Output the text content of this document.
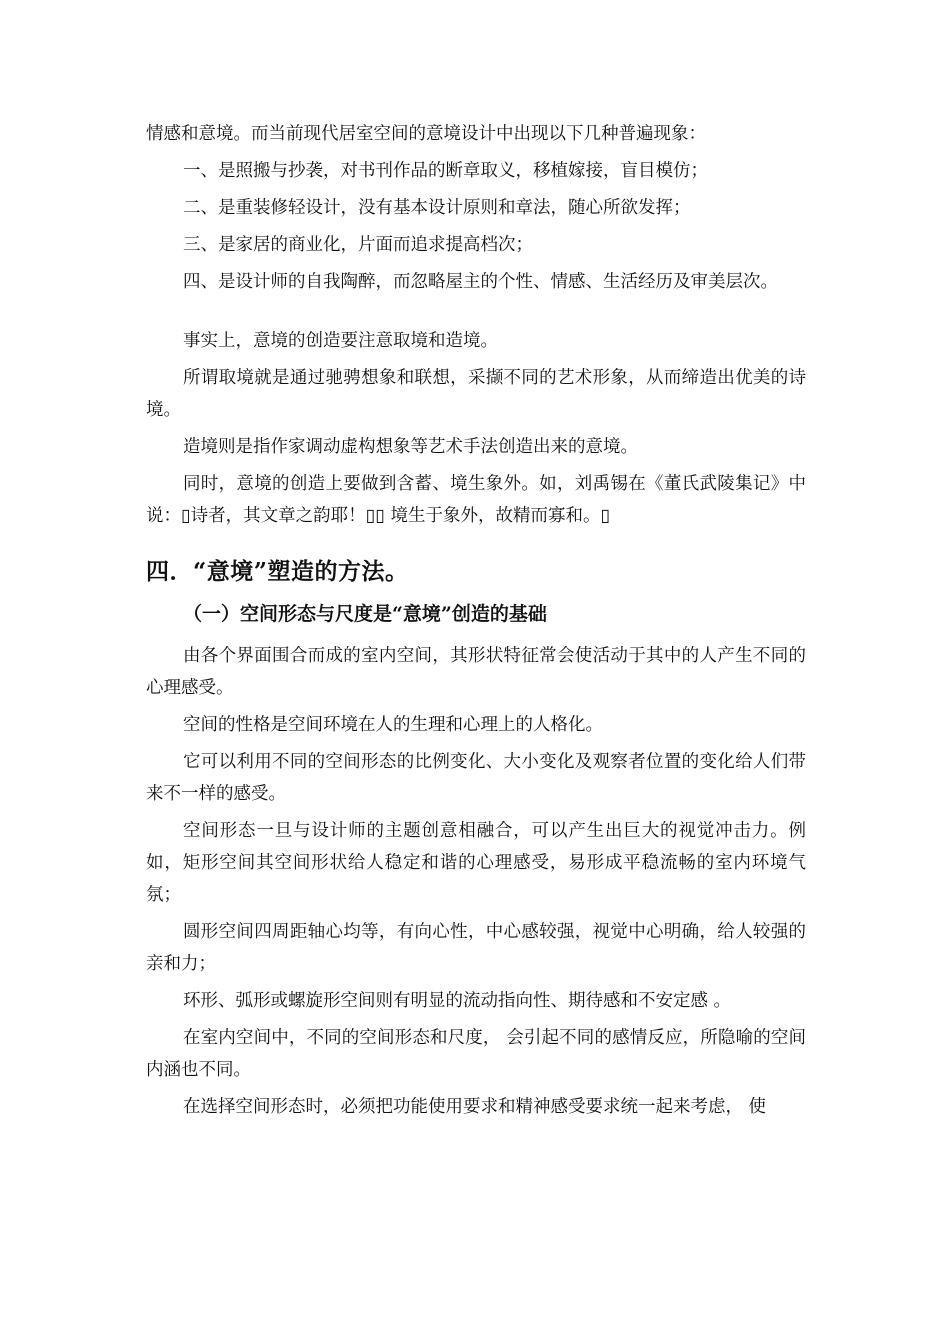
情感和意境。而当前现代居室空间的意境设计中出现以下几种普遍现象：

一、是照搬与抄袭，对书刊作品的断章取义，移植嫁接，盲目模仿；

二、是重装修轻设计，没有基本设计原则和章法，随心所欲发挥；

三、是家居的商业化，片面而追求提高档次；

四、是设计师的自我陶醉，而忽略屋主的个性、情感、生活经历及审美层次。

事实上，意境的创造要注意取境和造境。

所谓取境就是通过驰骋想象和联想，采撷不同的艺术形象，从而缔造出优美的诗境。

造境则是指作家调动虚构想象等艺术手法创造出来的意境。

同时，意境的创造上要做到含蓄、境生象外。如，刘禹锡在《董氏武陵集记》中说：▯诗者，其文章之韵耶！▯▯ 境生于象外，故精而寡和。▯

四．“意境”塑造的方法。
（一）空间形态与尺度是“意境”创造的基础

由各个界面围合而成的室内空间，其形状特征常会使活动于其中的人产生不同的心理感受。

空间的性格是空间环境在人的生理和心理上的人格化。

它可以利用不同的空间形态的比例变化、大小变化及观察者位置的变化给人们带来不一样的感受。

空间形态一旦与设计师的主题创意相融合，可以产生出巨大的视觉冲击力。例如，矩形空间其空间形状给人稳定和谐的心理感受，易形成平稳流畅的室内环境气氛；

圆形空间四周距轴心均等，有向心性，中心感较强，视觉中心明确，给人较强的亲和力；

环形、弧形或螺旋形空间则有明显的流动指向性、期待感和不安定感 。

在室内空间中，不同的空间形态和尺度， 会引起不同的感情反应，所隐喻的空间内涵也不同。

在选择空间形态时，必须把功能使用要求和精神感受要求统一起来考虑， 使
